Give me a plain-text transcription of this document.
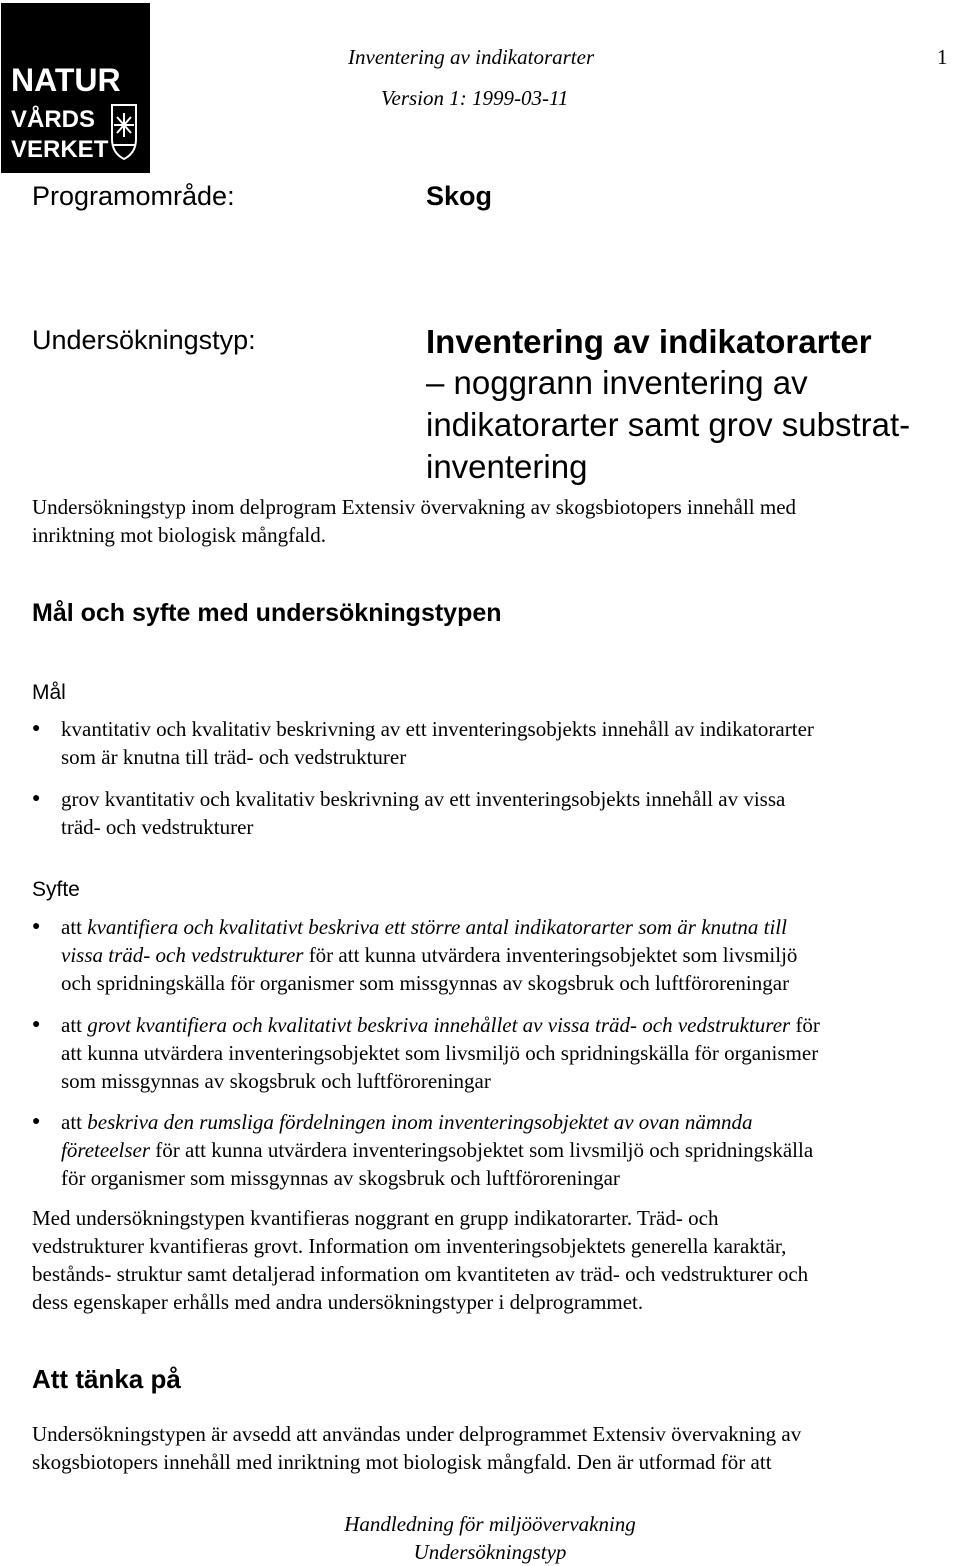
NATUR
VÅRDS
VERKET
Inventering av indikatorarter
Version 1: 1999-03-11
1
Programområde:	Skog
Undersökningstyp:	Inventering av indikatorarter
– noggrann inventering av
indikatorarter samt grov substrat-
inventering
Undersökningstyp inom delprogram Extensiv övervakning av skogsbiotopers innehåll med
inriktning mot biologisk mångfald.
Mål och syfte med undersökningstypen
Mål
● kvantitativ och kvalitativ beskrivning av ett inventeringsobjekts innehåll av indikatorarter
som är knutna till träd- och vedstrukturer
● grov kvantitativ och kvalitativ beskrivning av ett inventeringsobjekts innehåll av vissa
träd- och vedstrukturer
Syfte
● att kvantifiera och kvalitativt beskriva ett större antal indikatorarter som är knutna till
vissa träd- och vedstrukturer för att kunna utvärdera inventeringsobjektet som livsmiljö
och spridningskälla för organismer som missgynnas av skogsbruk och luftföroreningar
● att grovt kvantifiera och kvalitativt beskriva innehållet av vissa träd- och vedstrukturer för
att kunna utvärdera inventeringsobjektet som livsmiljö och spridningskälla för organismer
som missgynnas av skogsbruk och luftföroreningar
● att beskriva den rumsliga fördelningen inom inventeringsobjektet av ovan nämnda
företeelser för att kunna utvärdera inventeringsobjektet som livsmiljö och spridningskälla
för organismer som missgynnas av skogsbruk och luftföroreningar
Med undersökningstypen kvantifieras noggrant en grupp indikatorarter. Träd- och
vedstrukturer kvantifieras grovt. Information om inventeringsobjektets generella karaktär,
bestånds- struktur samt detaljerad information om kvantiteten av träd- och vedstrukturer och
dess egenskaper erhålls med andra undersökningstyper i delprogrammet.
Att tänka på
Undersökningstypen är avsedd att användas under delprogrammet Extensiv övervakning av
skogsbiotopers innehåll med inriktning mot biologisk mångfald. Den är utformad för att
Handledning för miljöövervakning
Undersökningstyp
